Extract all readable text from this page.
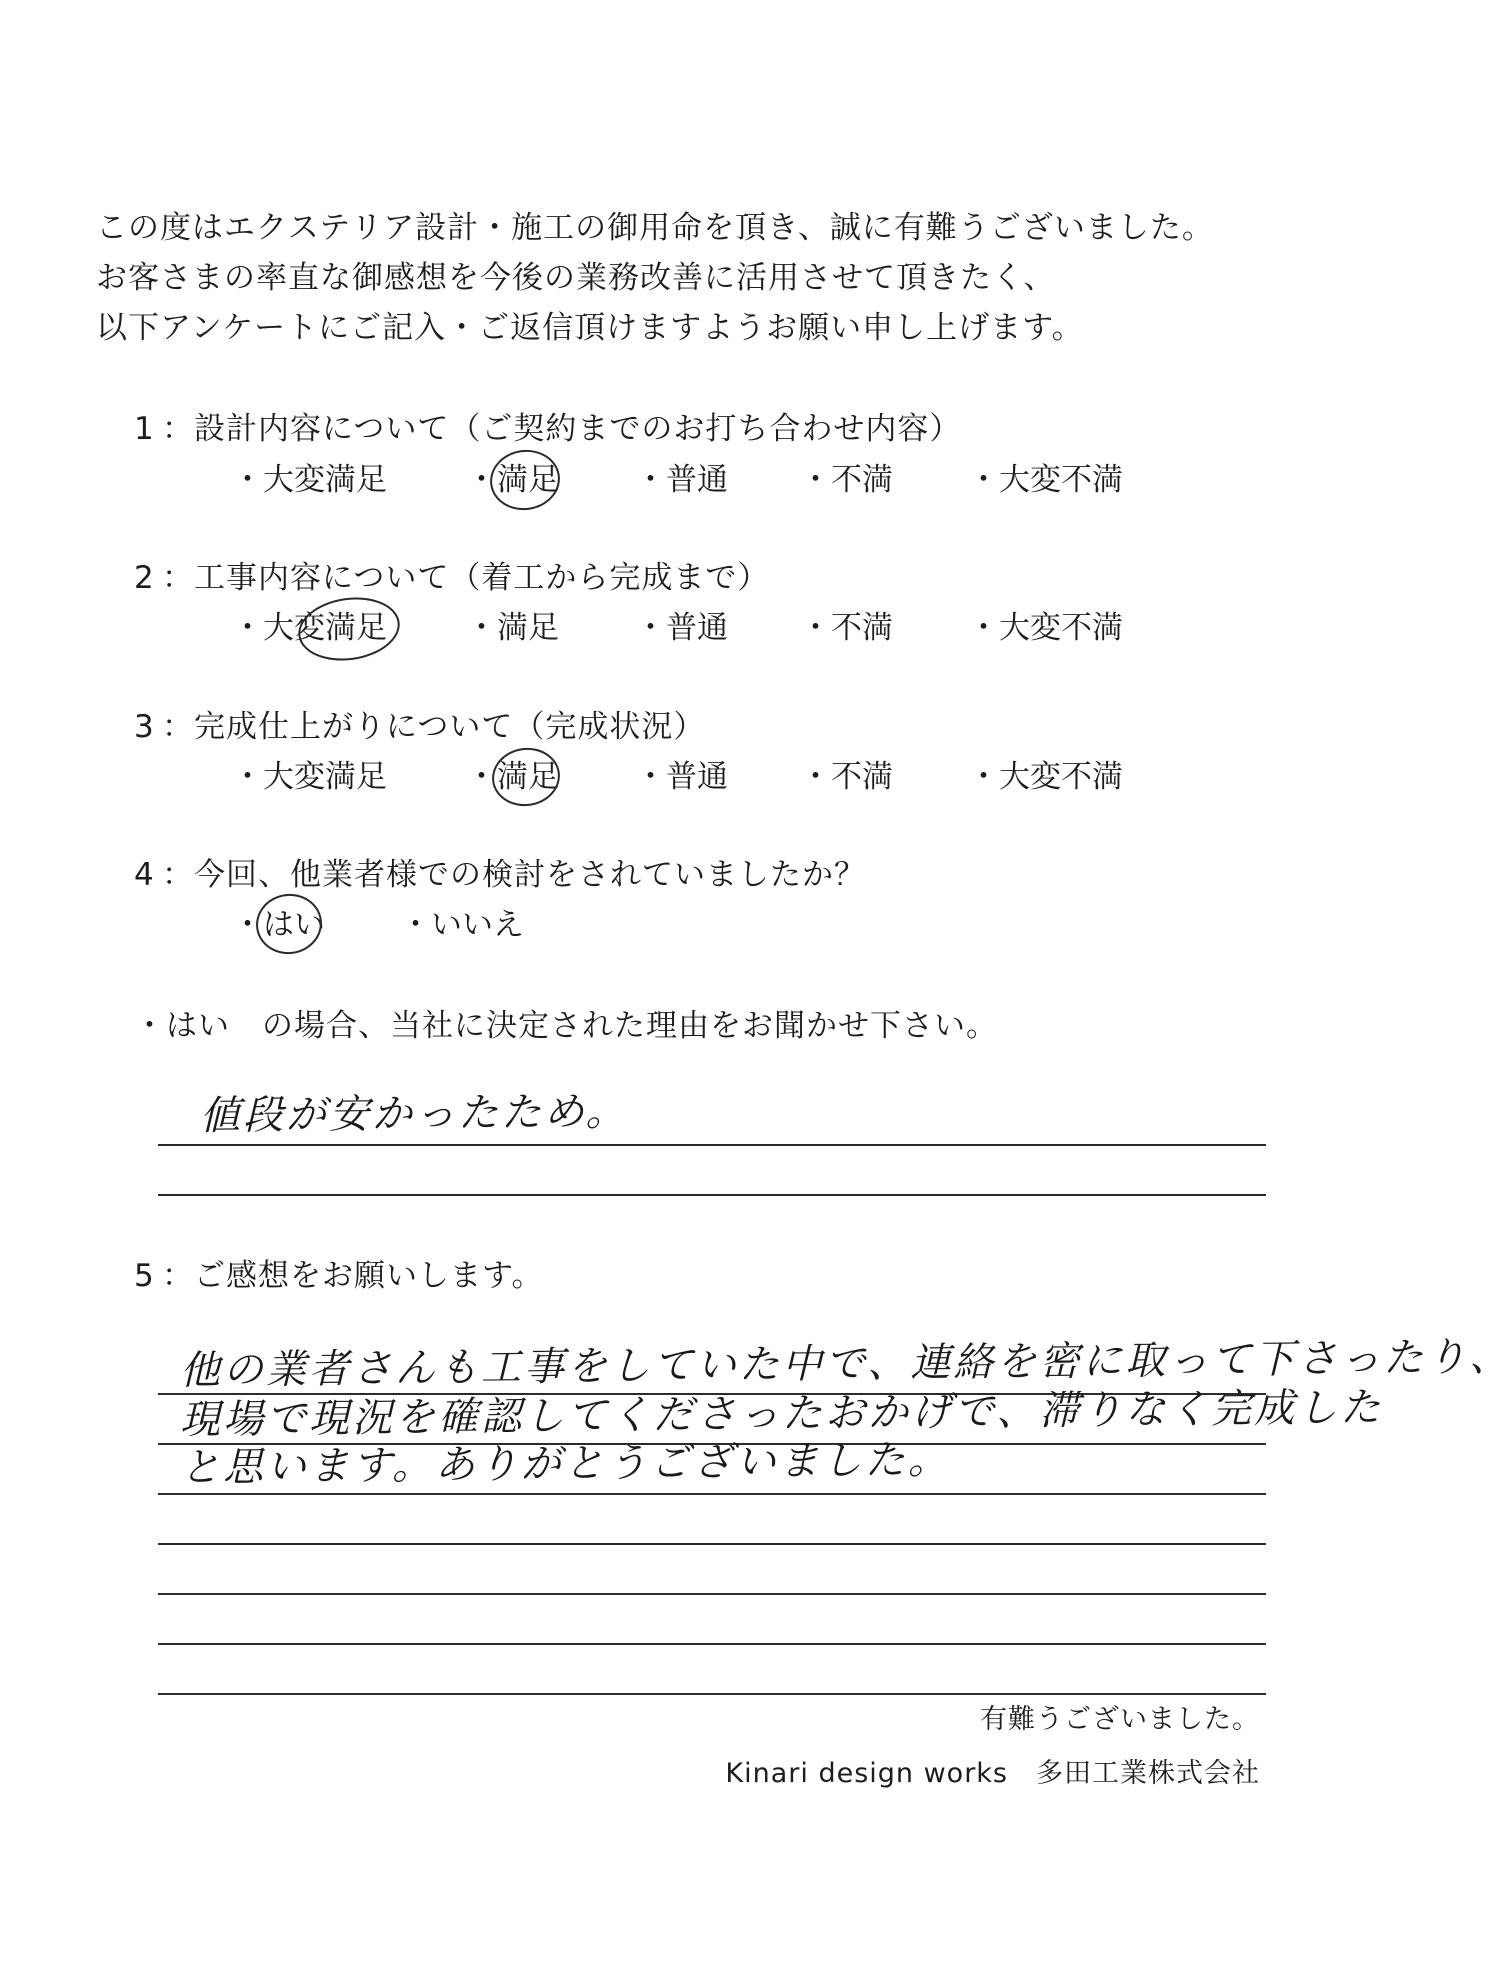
この度はエクステリア設計・施工の御用命を頂き、誠に有難うございました。
お客さまの率直な御感想を今後の業務改善に活用させて頂きたく、
以下アンケートにご記入・ご返信頂けますようお願い申し上げます。
1 ：設計内容について（ご契約までのお打ち合わせ内容）
・大変満足	・満足 ・普通 ・不満 ・大変不満
2 ：工事内容について（着工から完成まで）
・大変満足	・満足 ・普通 ・不満 ・大変不満
3 ：完成仕上がりについて（完成状況）
・大変満足	・満足 ・普通 ・不満 ・大変不満
4 ：今回、他業者様での検討をされていましたか？
・はい ・いいえ
・はい　の場合、当社に決定された理由をお聞かせ下さい。
値段が安かったため。
5 ：ご感想をお願いします。
他の業者さんも工事をしていた中で、連絡を密に取って下さったり、
現場で現況を確認してくださったおかげで、滞りなく完成した
と思います。ありがとうございました。
有難うございました。
Kinari design works　多田工業株式会社
